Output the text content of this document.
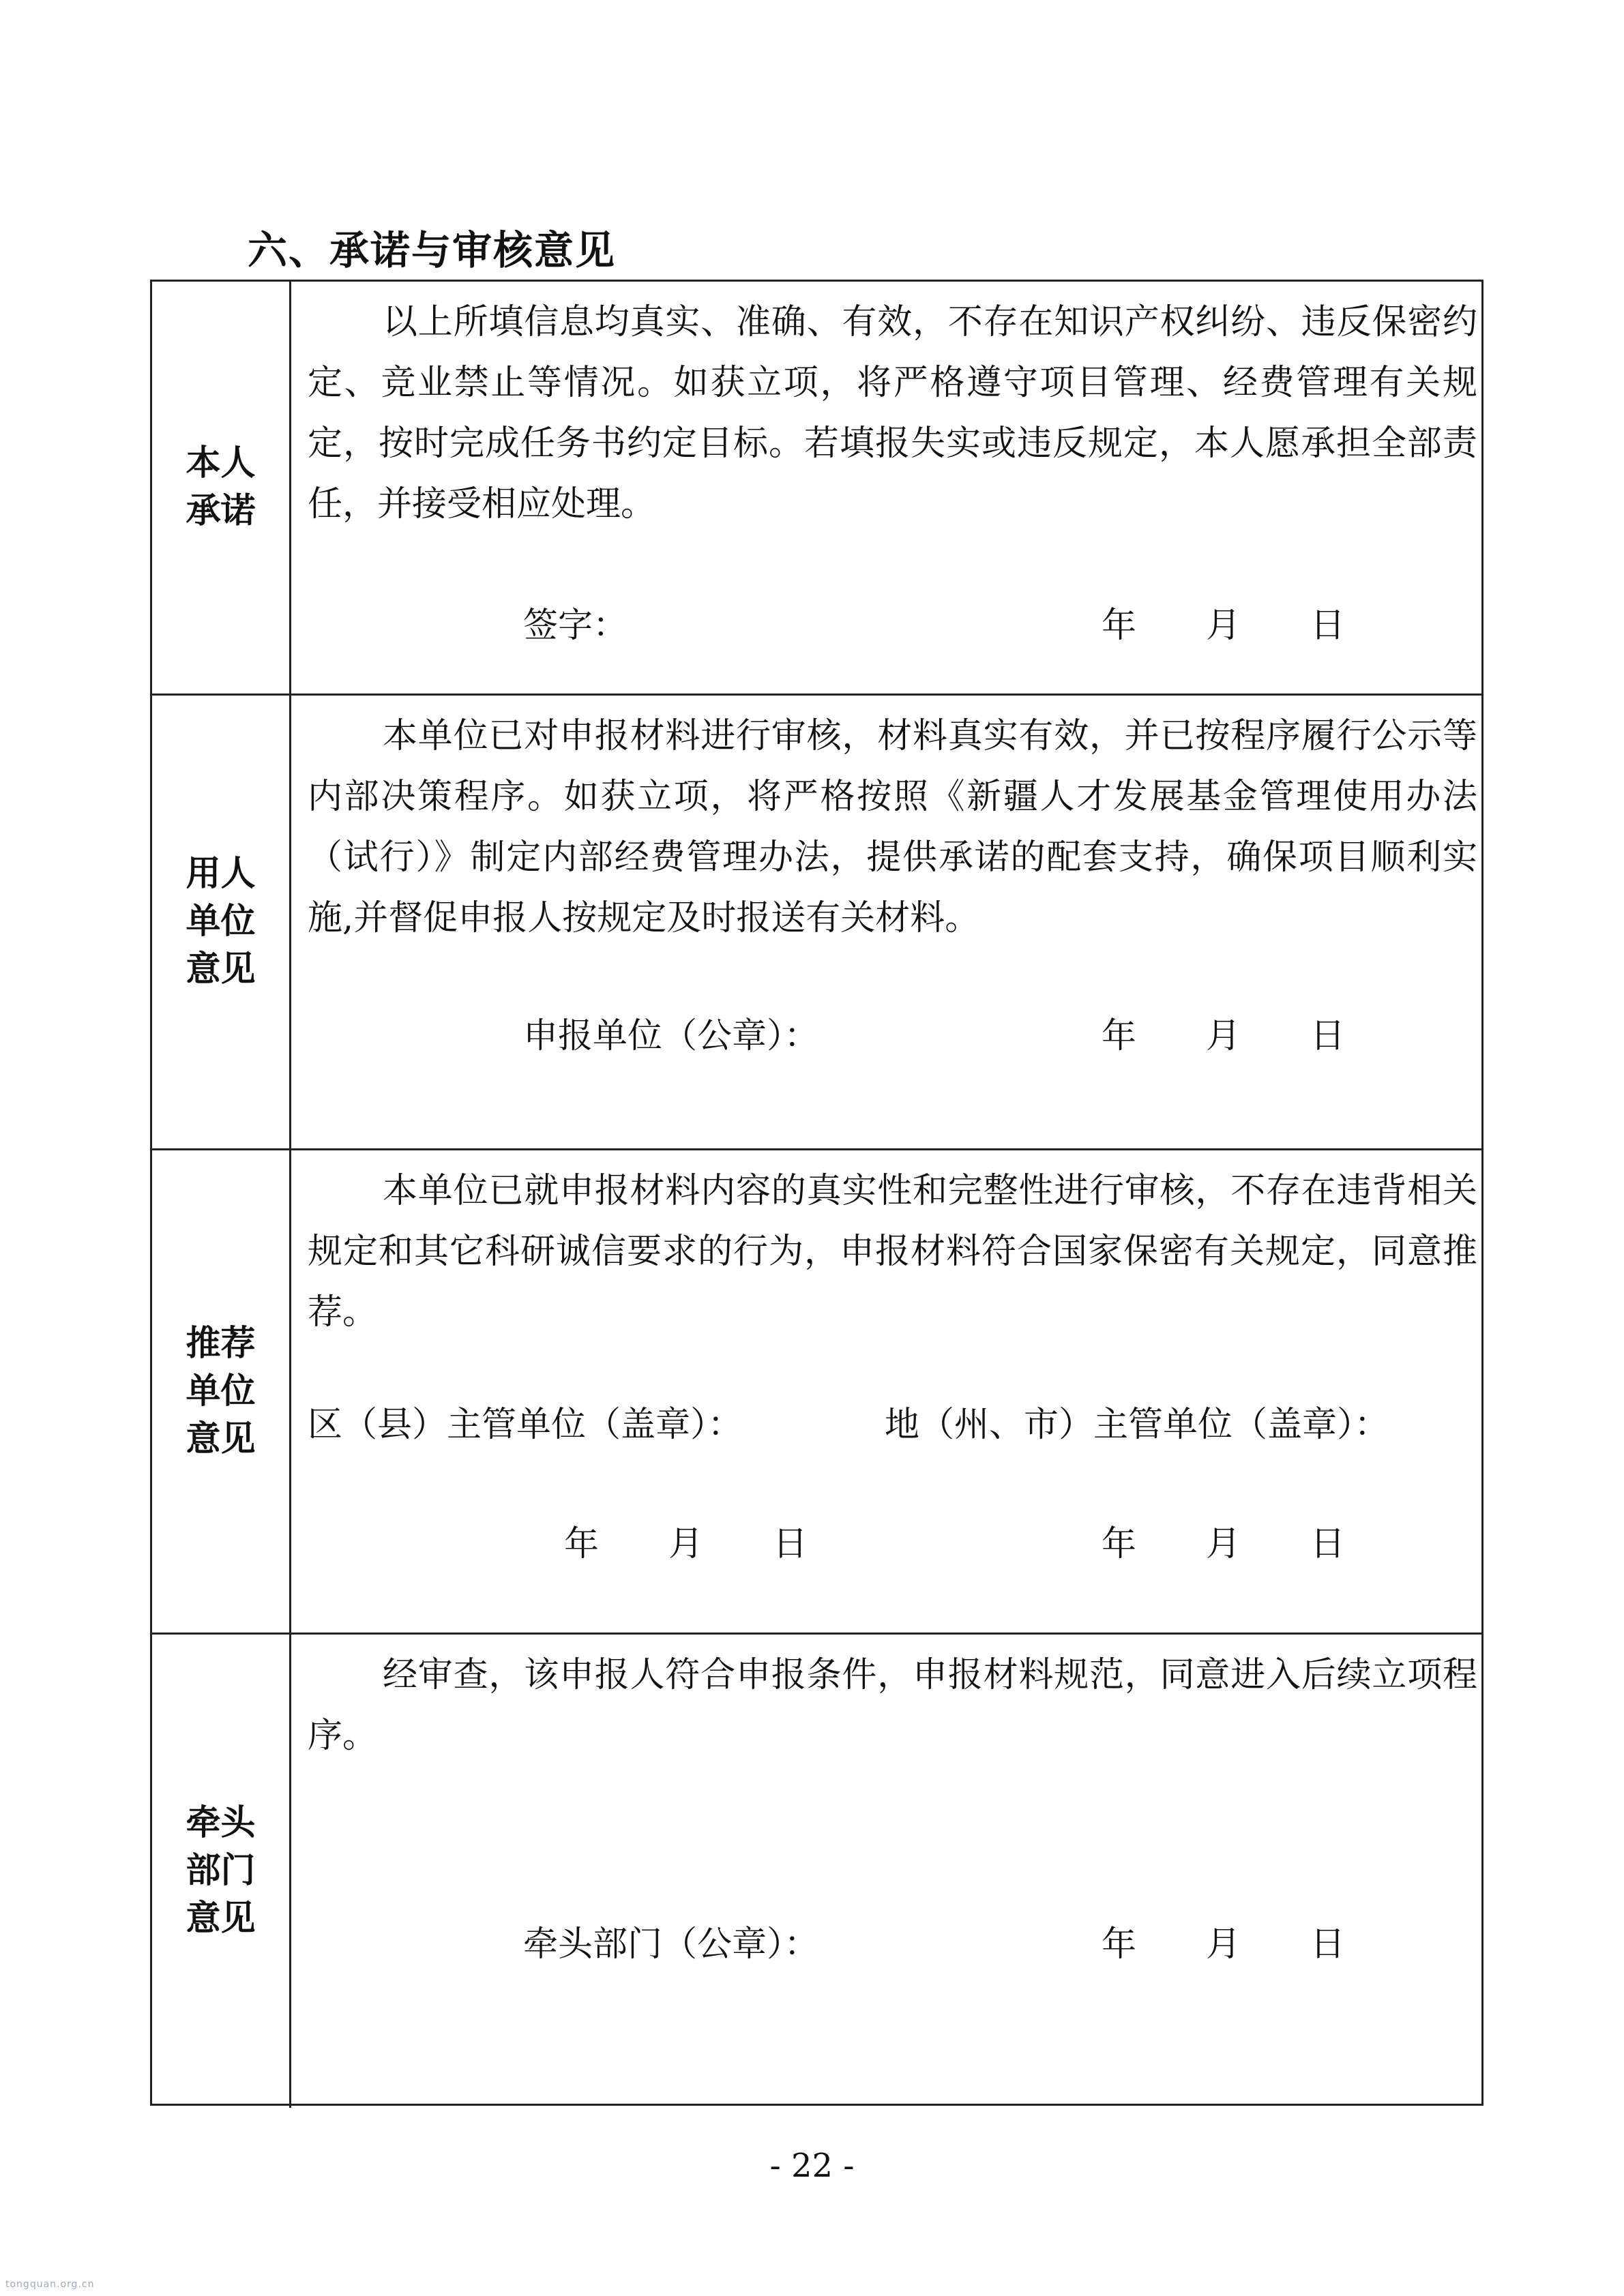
六、承诺与审核意见
本人承诺

以上所填信息均真实、准确、有效，不存在知识产权纠纷、违反保密约定、竞业禁止等情况。如获立项，将严格遵守项目管理、经费管理有关规定，按时完成任务书约定目标。若填报失实或违反规定，本人愿承担全部责任，并接受相应处理。

签字：	年　　月　　日
用人单位意见

本单位已对申报材料进行审核，材料真实有效，并已按程序履行公示等内部决策程序。如获立项，将严格按照《新疆人才发展基金管理使用办法（试行）》制定内部经费管理办法，提供承诺的配套支持，确保项目顺利实施,并督促申报人按规定及时报送有关材料。

申报单位（公章）：	年　　月　　日
推荐单位意见

本单位已就申报材料内容的真实性和完整性进行审核，不存在违背相关规定和其它科研诚信要求的行为，申报材料符合国家保密有关规定，同意推荐。

区（县）主管单位（盖章）：	地（州、市）主管单位（盖章）：
年　　月　　日	年　　月　　日
牵头部门意见

经审查，该申报人符合申报条件，申报材料规范，同意进入后续立项程序。

牵头部门（公章）：	年　　月　　日
- 22 -
tongquan.org.cn
